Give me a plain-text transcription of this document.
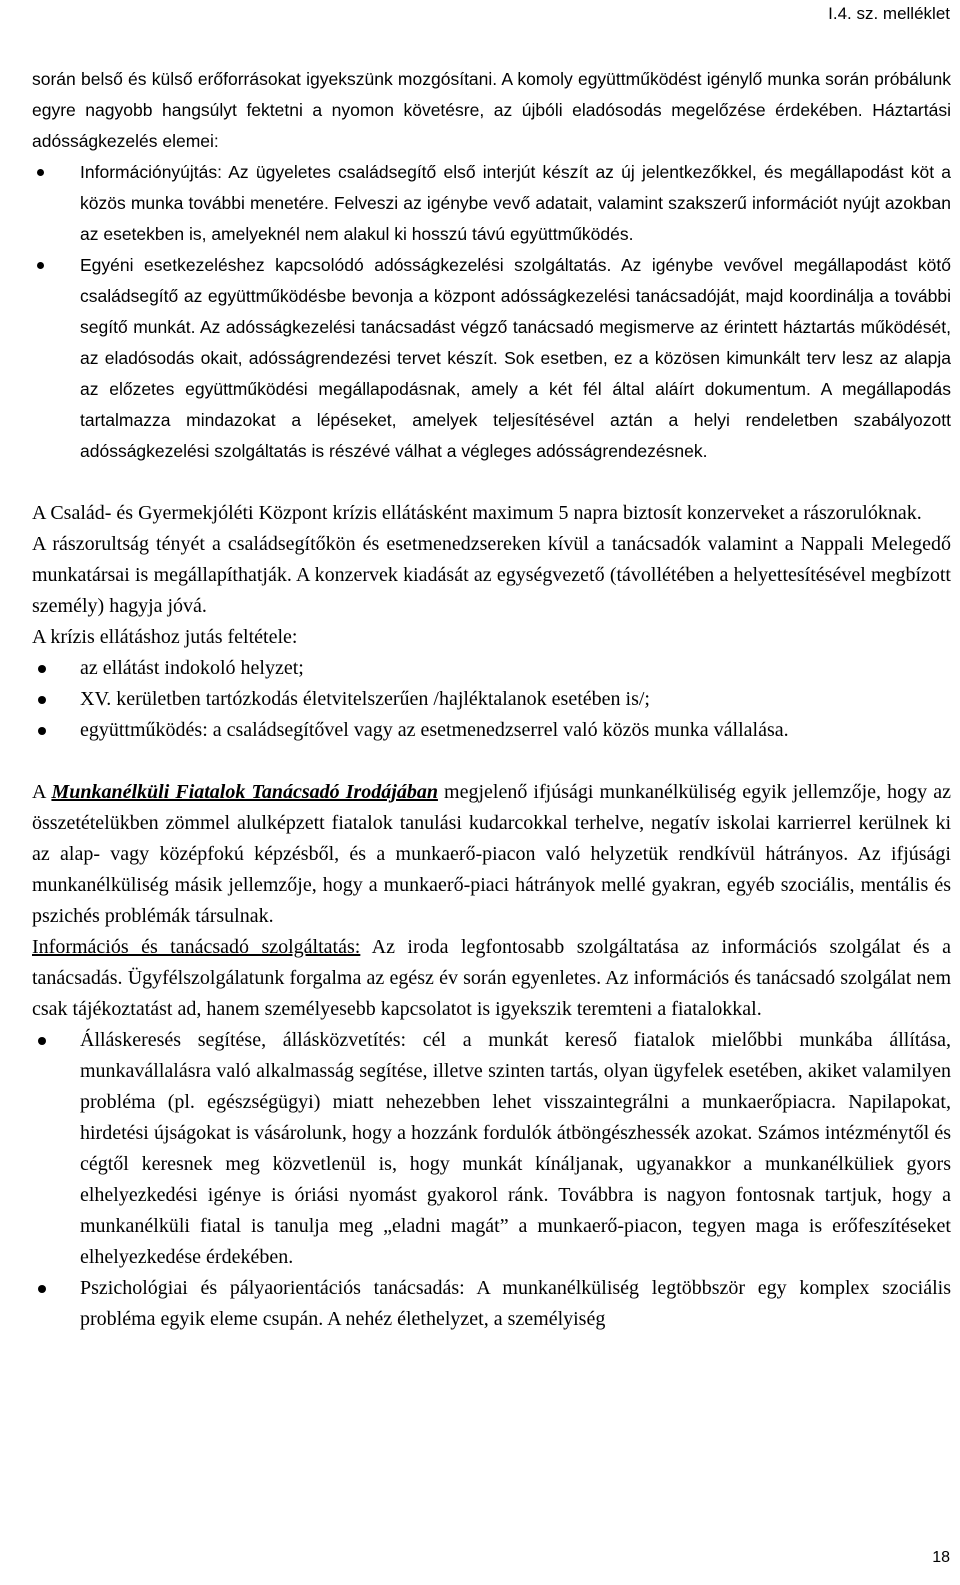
I.4. sz. melléklet

során belső és külső erőforrásokat igyekszünk mozgósítani. A komoly együttműködést igénylő munka során próbálunk egyre nagyobb hangsúlyt fektetni a nyomon követésre, az újbóli eladósodás megelőzése érdekében. Háztartási adósságkezelés elemei:

Információnyújtás: Az ügyeletes családsegítő első interjút készít az új jelentkezőkkel, és megállapodást köt a közös munka további menetére. Felveszi az igénybe vevő adatait, valamint szakszerű információt nyújt azokban az esetekben is, amelyeknél nem alakul ki hosszú távú együttműködés.
Egyéni esetkezeléshez kapcsolódó adósságkezelési szolgáltatás. Az igénybe vevővel megállapodást kötő családsegítő az együttműködésbe bevonja a központ adósságkezelési tanácsadóját, majd koordinálja a további segítő munkát. Az adósságkezelési tanácsadást végző tanácsadó megismerve az érintett háztartás működését, az eladósodás okait, adósságrendezési tervet készít. Sok esetben, ez a közösen kimunkált terv lesz az alapja az előzetes együttműködési megállapodásnak, amely a két fél által aláírt dokumentum. A megállapodás tartalmazza mindazokat a lépéseket, amelyek teljesítésével aztán a helyi rendeletben szabályozott adósságkezelési szolgáltatás is részévé válhat a végleges adósságrendezésnek.

A Család- és Gyermekjóléti Központ krízis ellátásként maximum 5 napra biztosít konzerveket a rászorulóknak.

A rászorultság tényét a családsegítőkön és esetmenedzsereken kívül a tanácsadók valamint a Nappali Melegedő munkatársai is megállapíthatják. A konzervek kiadását az egységvezető (távollétében a helyettesítésével megbízott személy) hagyja jóvá.

A krízis ellátáshoz jutás feltétele:

az ellátást indokoló helyzet;
XV. kerületben tartózkodás életvitelszerűen /hajléktalanok esetében is/;
együttműködés: a családsegítővel vagy az esetmenedzserrel való közös munka vállalása.

A Munkanélküli Fiatalok Tanácsadó Irodájában megjelenő ifjúsági munkanélküliség egyik jellemzője, hogy az összetételükben zömmel alulképzett fiatalok tanulási kudarcokkal terhelve, negatív iskolai karrierrel kerülnek ki az alap- vagy középfokú képzésből, és a munkaerő-piacon való helyzetük rendkívül hátrányos. Az ifjúsági munkanélküliség másik jellemzője, hogy a munkaerő-piaci hátrányok mellé gyakran, egyéb szociális, mentális és pszichés problémák társulnak.

Információs és tanácsadó szolgáltatás: Az iroda legfontosabb szolgáltatása az információs szolgálat és a tanácsadás. Ügyfélszolgálatunk forgalma az egész év során egyenletes. Az információs és tanácsadó szolgálat nem csak tájékoztatást ad, hanem személyesebb kapcsolatot is igyekszik teremteni a fiatalokkal.

Álláskeresés segítése, állásközvetítés: cél a munkát kereső fiatalok mielőbbi munkába állítása, munkavállalásra való alkalmasság segítése, illetve szinten tartás, olyan ügyfelek esetében, akiket valamilyen probléma (pl. egészségügyi) miatt nehezebben lehet visszaintegrálni a munkaerőpiacra. Napilapokat, hirdetési újságokat is vásárolunk, hogy a hozzánk fordulók átböngészhessék azokat. Számos intézménytől és cégtől keresnek meg közvetlenül is, hogy munkát kínáljanak, ugyanakkor a munkanélküliek gyors elhelyezkedési igénye is óriási nyomást gyakorol ránk. Továbbra is nagyon fontosnak tartjuk, hogy a munkanélküli fiatal is tanulja meg „eladni magát” a munkaerő-piacon, tegyen maga is erőfeszítéseket elhelyezkedése érdekében.
Pszichológiai és pályaorientációs tanácsadás: A munkanélküliség legtöbbször egy komplex szociális probléma egyik eleme csupán. A nehéz élethelyzet, a személyiség
18
